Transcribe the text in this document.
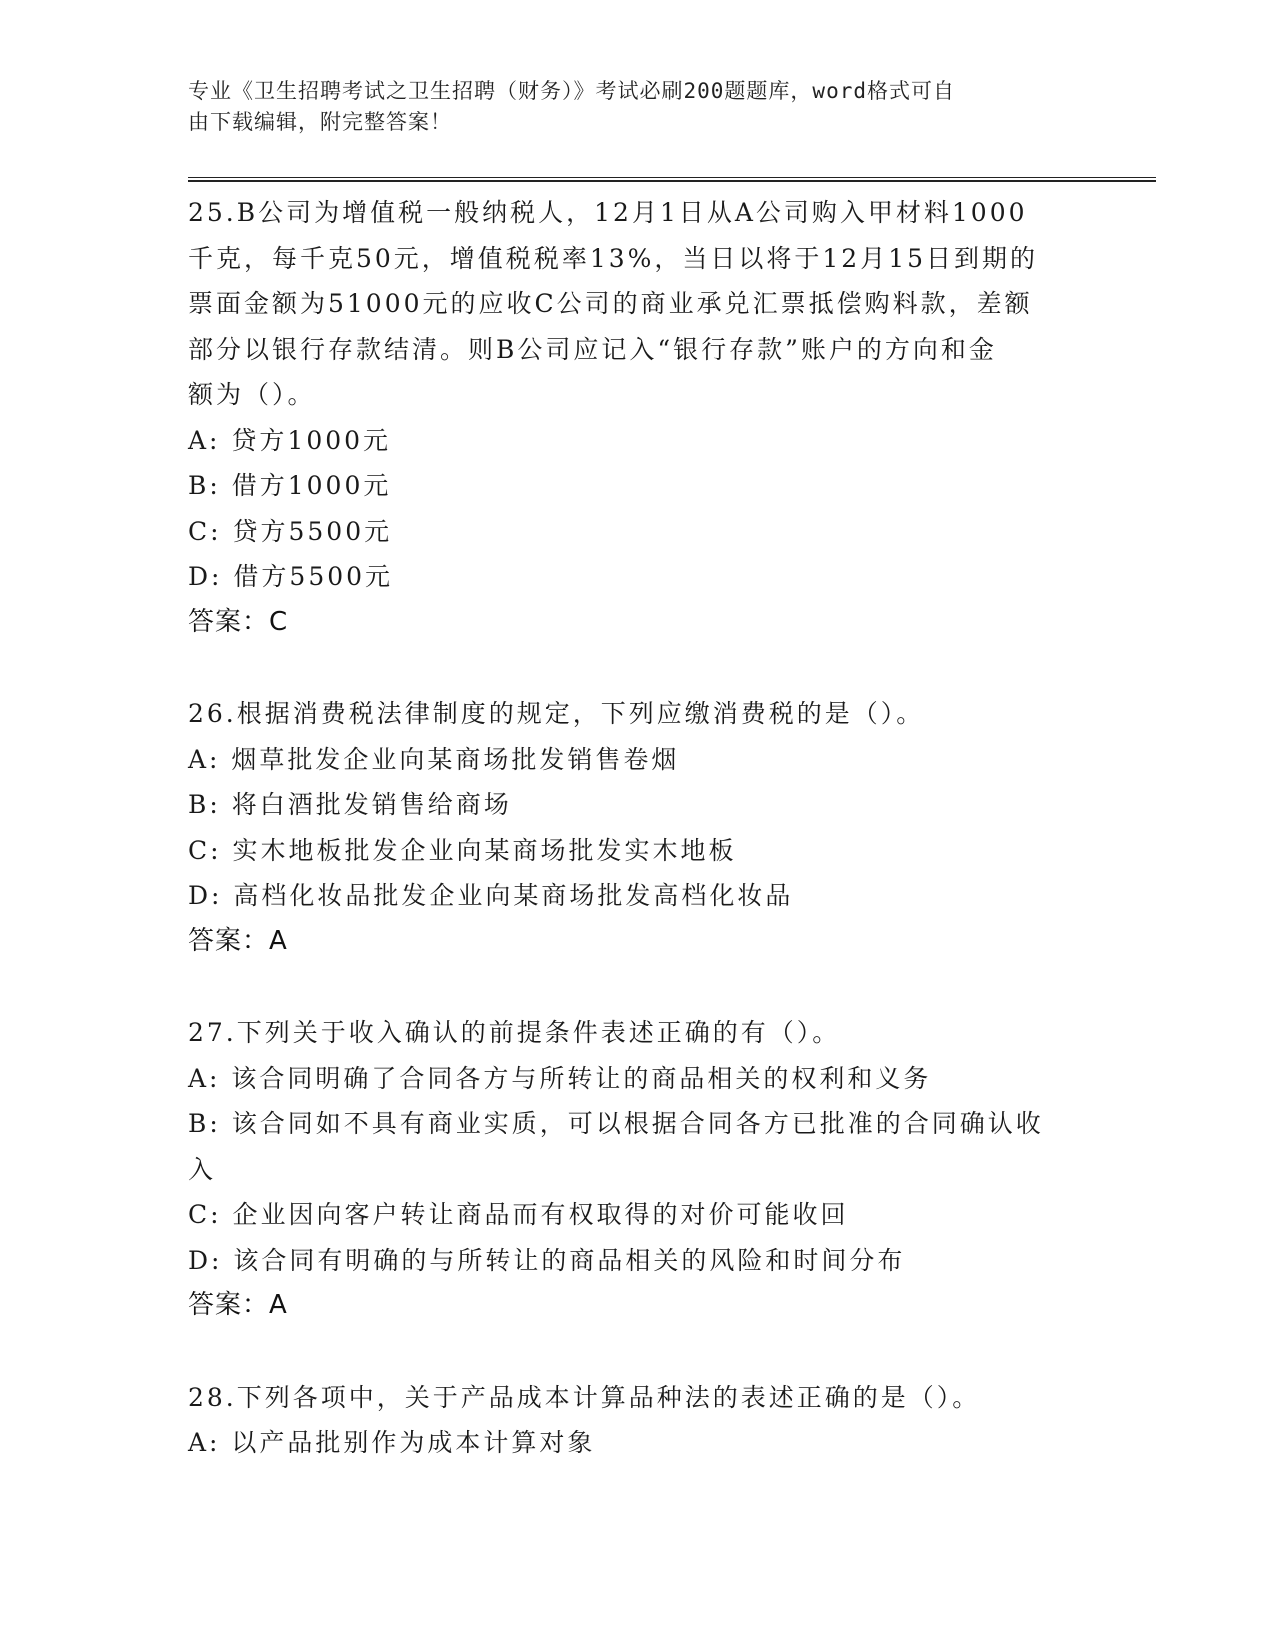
专业《卫生招聘考试之卫生招聘（财务）》考试必刷200题题库，word格式可自
由下载编辑，附完整答案！

25.B公司为增值税一般纳税人，12月1日从A公司购入甲材料1000

千克，每千克50元，增值税税率13%，当日以将于12月15日到期的

票面金额为51000元的应收C公司的商业承兑汇票抵偿购料款，差额

部分以银行存款结清。则B公司应记入“银行存款”账户的方向和金

额为（）。

A: 贷方1000元

B: 借方1000元

C: 贷方5500元

D: 借方5500元

答案：C

26.根据消费税法律制度的规定，下列应缴消费税的是（）。

A: 烟草批发企业向某商场批发销售卷烟

B: 将白酒批发销售给商场

C: 实木地板批发企业向某商场批发实木地板

D: 高档化妆品批发企业向某商场批发高档化妆品

答案：A

27.下列关于收入确认的前提条件表述正确的有（）。

A: 该合同明确了合同各方与所转让的商品相关的权利和义务

B: 该合同如不具有商业实质，可以根据合同各方已批准的合同确认收

入

C: 企业因向客户转让商品而有权取得的对价可能收回

D: 该合同有明确的与所转让的商品相关的风险和时间分布

答案：A

28.下列各项中，关于产品成本计算品种法的表述正确的是（）。

A: 以产品批别作为成本计算对象
